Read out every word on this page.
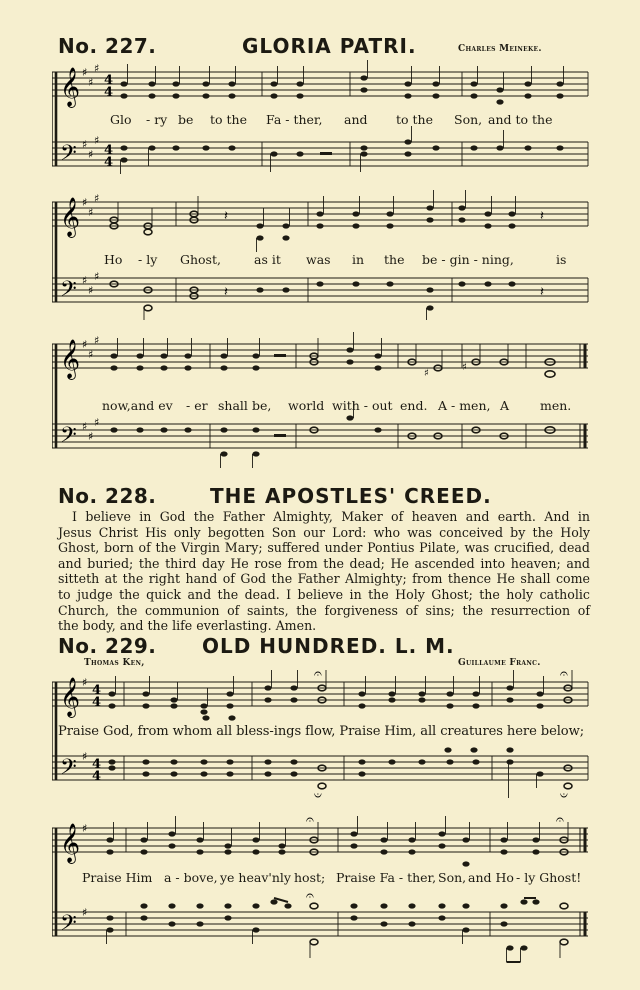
No. 227.	GLORIA PATRI.	Charles Meineke.
𝄞
𝄢
♯
♯
♯
♯
♯
♯
4
4
4
4
Glo - ry be to the Fa - ther, and to the Son, and to the
𝄞
𝄢
♯
♯
♯
♯
♯
♯
𝄽	𝄽
𝄽	𝄽
Ho - ly Ghost,	as it was in the be - gin - ning,	is
𝄞
𝄢
♯
♯
♯
♯
♯
♯
♯
♯
now,and ev - er shall be, world with - out end. A - men, A men.
No. 228.	THE APOSTLES' CREED.
I believe in God the Father Almighty, Maker of heaven and earth. And in
Jesus Christ His only begotten Son our Lord: who was conceived by the Holy
Ghost, born of the Virgin Mary; suffered under Pontius Pilate, was crucified, dead
and buried; the third day He rose from the dead; He ascended into heaven; and
sitteth at the right hand of God the Father Almighty; from thence He shall come
to judge the quick and the dead. I believe in the Holy Ghost; the holy catholic
Church, the communion of saints, the forgiveness of sins; the resurrection of
the body, and the life everlasting. Amen.
No. 229. OLD HUNDRED. L. M.
Thomas Ken,	Guillaume Franc.
𝄞
𝄢
♯
♯
4
4
4
4
𝄐	𝄐
𝄑	𝄑
Praise God, from whom all bless-ings flow, Praise Him, all creatures here below;
𝄞
𝄢
♯
♯
𝄐	𝄐
𝄐
Praise Him a - bove, ye heav'nly host; Praise Fa - ther, Son, and Ho - ly Ghost!
